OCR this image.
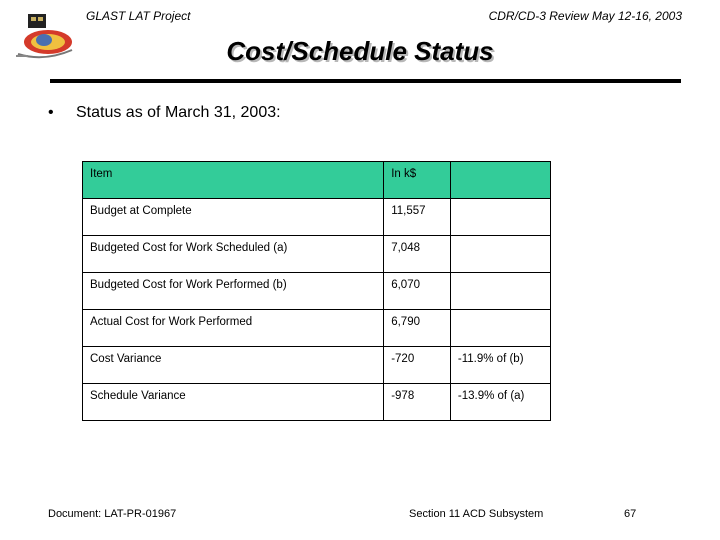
GLAST LAT Project	CDR/CD-3 Review May 12-16, 2003
Cost/Schedule Status
• Status as of March 31, 2003:
Item	In k$	
Budget at Complete	11,557	
Budgeted Cost for Work Scheduled (a)	7,048	
Budgeted Cost for Work Performed (b)	6,070	
Actual Cost for Work Performed	6,790	
Cost Variance	-720	-11.9% of (b)
Schedule Variance	-978	-13.9% of (a)
Document: LAT-PR-01967	Section 11 ACD Subsystem	67
